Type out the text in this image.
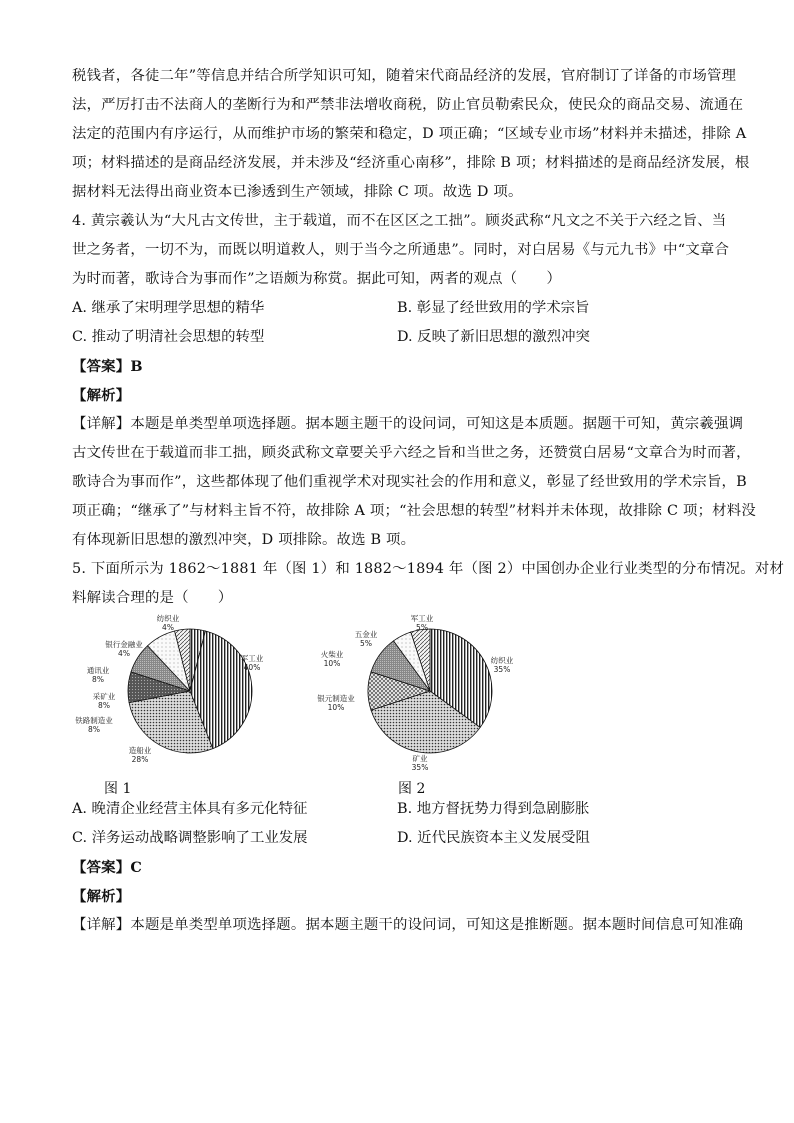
税钱者，各徒二年”等信息并结合所学知识可知，随着宋代商品经济的发展，官府制订了详备的市场管理

法，严厉打击不法商人的垄断行为和严禁非法增收商税，防止官员勒索民众，使民众的商品交易、流通在

法定的范围内有序运行，从而维护市场的繁荣和稳定，D 项正确；“区域专业市场”材料并未描述，排除 A

项；材料描述的是商品经济发展，并未涉及“经济重心南移”，排除 B 项；材料描述的是商品经济发展，根

据材料无法得出商业资本已渗透到生产领域，排除 C 项。故选 D 项。

4. 黄宗羲认为“大凡古文传世，主于载道，而不在区区之工拙”。顾炎武称“凡文之不关于六经之旨、当

世之务者，一切不为，而既以明道救人，则于当今之所通患”。同时，对白居易《与元九书》中“文章合

为时而著，歌诗合为事而作”之语颇为称赏。据此可知，两者的观点（　　）

A. 继承了宋明理学思想的精华	B. 彰显了经世致用的学术宗旨
C. 推动了明清社会思想的转型	D. 反映了新旧思想的激烈冲突

【答案】B

【解析】

【详解】本题是单类型单项选择题。据本题主题干的设问词，可知这是本质题。据题干可知，黄宗羲强调

古文传世在于载道而非工拙，顾炎武称文章要关乎六经之旨和当世之务，还赞赏白居易“文章合为时而著，

歌诗合为事而作”，这些都体现了他们重视学术对现实社会的作用和意义，彰显了经世致用的学术宗旨，B

项正确；“继承了”与材料主旨不符，故排除 A 项；“社会思想的转型”材料并未体现，故排除 C 项；材料没

有体现新旧思想的激烈冲突，D 项排除。故选 B 项。

5. 下面所示为 1862～1881 年（图 1）和 1882～1894 年（图 2）中国创办企业行业类型的分布情况。对材

料解读合理的是（　　）

纺织业
4%
军工业
40%
造船业
28%
铁路制造业
8%
采矿业
8%
通讯业
8%
银行金融业
4%
纺织业
35%
矿业
35%
银元制造业
10%
火柴业
10%
五金业
5%
军工业
5%
图 1	图 2
A. 晚清企业经营主体具有多元化特征	B. 地方督抚势力得到急剧膨胀
C. 洋务运动战略调整影响了工业发展	D. 近代民族资本主义发展受阻

【答案】C

【解析】

【详解】本题是单类型单项选择题。据本题主题干的设问词，可知这是推断题。据本题时间信息可知准确
